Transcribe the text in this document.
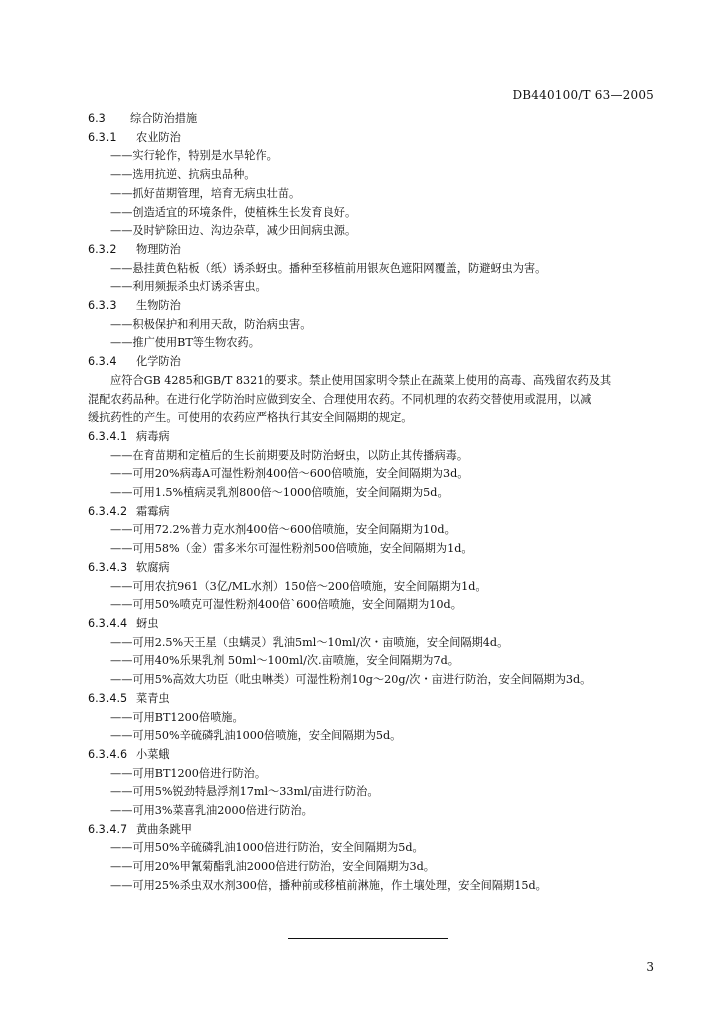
DB440100/T 63—2005
6.3 综合防治措施
6.3.1 农业防治
——实行轮作，特别是水旱轮作。
——选用抗逆、抗病虫品种。
——抓好苗期管理，培育无病虫壮苗。
——创造适宜的环境条件，使植株生长发育良好。
——及时铲除田边、沟边杂草，减少田间病虫源。
6.3.2 物理防治
——悬挂黄色粘板（纸）诱杀蚜虫。播种至移植前用银灰色遮阳网覆盖，防避蚜虫为害。
——利用频振杀虫灯诱杀害虫。
6.3.3 生物防治
——积极保护和利用天敌，防治病虫害。
——推广使用BT等生物农药。
6.3.4 化学防治

应符合GB 4285和GB/T 8321的要求。禁止使用国家明令禁止在蔬菜上使用的高毒、高残留农药及其

混配农药品种。在进行化学防治时应做到安全、合理使用农药。不同机理的农药交替使用或混用，以减

缓抗药性的产生。可使用的农药应严格执行其安全间隔期的规定。

6.3.4.1 病毒病
——在育苗期和定植后的生长前期要及时防治蚜虫，以防止其传播病毒。
——可用20%病毒A可湿性粉剂400倍～600倍喷施，安全间隔期为3d。
——可用1.5%植病灵乳剂800倍～1000倍喷施，安全间隔期为5d。
6.3.4.2 霜霉病
——可用72.2%普力克水剂400倍～600倍喷施，安全间隔期为10d。
——可用58%（金）雷多米尔可湿性粉剂500倍喷施，安全间隔期为1d。
6.3.4.3 软腐病
——可用农抗961（3亿/ML水剂）150倍～200倍喷施，安全间隔期为1d。
——可用50%喷克可湿性粉剂400倍`600倍喷施，安全间隔期为10d。
6.3.4.4 蚜虫
——可用2.5%天王星（虫螨灵）乳油5ml～10ml/次・亩喷施，安全间隔期4d。
——可用40%乐果乳剂 50ml～100ml/次.亩喷施，安全间隔期为7d。
——可用5%高效大功臣（吡虫啉类）可湿性粉剂10g～20g/次・亩进行防治，安全间隔期为3d。
6.3.4.5 菜青虫
——可用BT1200倍喷施。
——可用50%辛硫磷乳油1000倍喷施，安全间隔期为5d。
6.3.4.6 小菜蛾
——可用BT1200倍进行防治。
——可用5%锐劲特悬浮剂17ml～33ml/亩进行防治。
——可用3%菜喜乳油2000倍进行防治。
6.3.4.7 黄曲条跳甲
——可用50%辛硫磷乳油1000倍进行防治，安全间隔期为5d。
——可用20%甲氰菊酯乳油2000倍进行防治，安全间隔期为3d。
——可用25%杀虫双水剂300倍，播种前或移植前淋施，作土壤处理，安全间隔期15d。
3
